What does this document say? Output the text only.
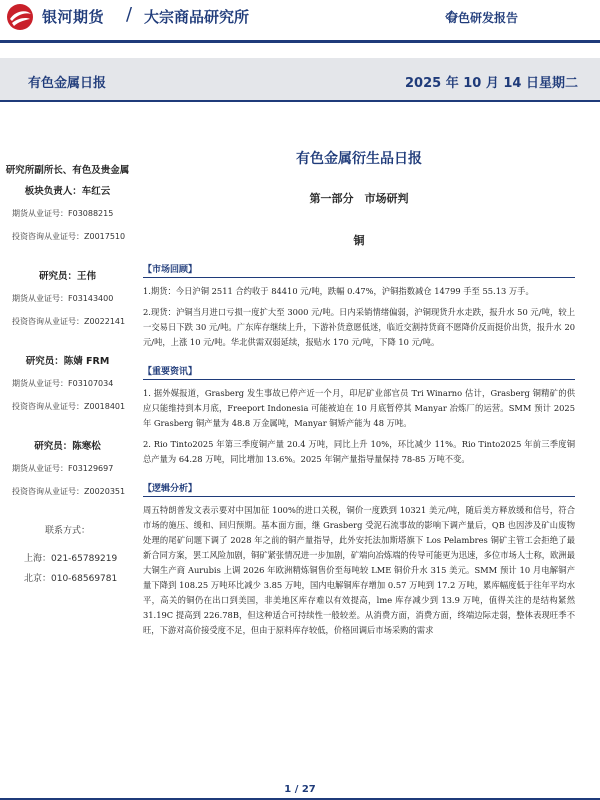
银河期货 / 大宗商品研究所	有色研发报告
有色金属日报	2025 年 10 月 14 日星期二
研究所副所长、有色及贵金属板块负责人：车红云
期货从业证号：F03088215
投资咨询从业证号：Z0017510
研究员：王伟
期货从业证号：F03143400
投资咨询从业证号：Z0022141
研究员：陈婧 FRM
期货从业证号：F03107034
投资咨询从业证号：Z0018401
研究员：陈寒松
期货从业证号：F03129697
投资咨询从业证号：Z0020351
联系方式：
上海：021-65789219
北京：010-68569781
有色金属衍生品日报
第一部分　市场研判
铜
【市场回顾】

1.期货：今日沪铜 2511 合约收于 84410 元/吨，跌幅 0.47%，沪铜指数减仓 14799 手至 55.13 万手。

2.现货：沪铜当月进口亏损一度扩大至 3000 元/吨。日内采销情绪偏弱，沪铜现货升水走跌，报升水 50 元/吨，较上一交易日下跌 30 元/吨。广东库存继续上升，下游补货意愿低迷，临近交割持货商不愿降价反而挺价出货，报升水 20 元/吨，上涨 10 元/吨。华北供需双弱延续，报贴水 170 元/吨，下降 10 元/吨。

【重要资讯】

1. 据外媒报道，Grasberg 发生事故已停产近一个月，印尼矿业部官员 Tri Winarno 估计，Grasberg 铜精矿的供应只能维持到本月底，Freeport Indonesia 可能被迫在 10 月底暂停其 Manyar 冶炼厂的运营。SMM 预计 2025 年 Grasberg 铜产量为 48.8 万金属吨，Manyar 铜矫产能为 48 万吨。

2. Rio Tinto2025 年第三季度铜产量 20.4 万吨，同比上升 10%，环比减少 11%。Rio Tinto2025 年前三季度铜总产量为 64.28 万吨，同比增加 13.6%。2025 年铜产量指导量保持 78-85 万吨不变。

【逻辑分析】

周五特朗普发文表示要对中国加征 100%的进口关税，铜价一度跌到 10321 美元/吨，随后美方释放缓和信号，符合市场的施压、缓和、回归预期。基本面方面，继 Grasberg 受泥石流事故的影响下调产量后，QB 也因涉及矿山废物处理的尾矿问题下调了 2028 年之前的铜产量指导，此外安托法加斯塔旗下 Los Pelambres 铜矿主管工会拒绝了最新合同方案，罢工风险加剧，铜矿紧张情况进一步加剧，矿端向冶炼端的传导可能更为迅速，多位市场人士称，欧洲最大铜生产商 Aurubis 上调 2026 年欧洲精炼铜售价至每吨较 LME 铜价升水 315 美元。SMM 预计 10 月电解铜产量下降到 108.25 万吨环比减少 3.85 万吨，国内电解铜库存增加 0.57 万吨到 17.2 万吨，累库幅度低于往年平均水平，高关的铜仍在出口到美国，非美地区库存难以有效提高，lme 库存减少到 13.9 万吨，值得关注的是结构紧然 31.19C 提高到 226.78B，但这种适合可持续性一般较差。从消费方面，消费方面，终端边际走弱，整体表现旺季不旺，下游对高价接受度不足，但由于原料库存较低，价格回调后市场采购的需求

1 / 27
